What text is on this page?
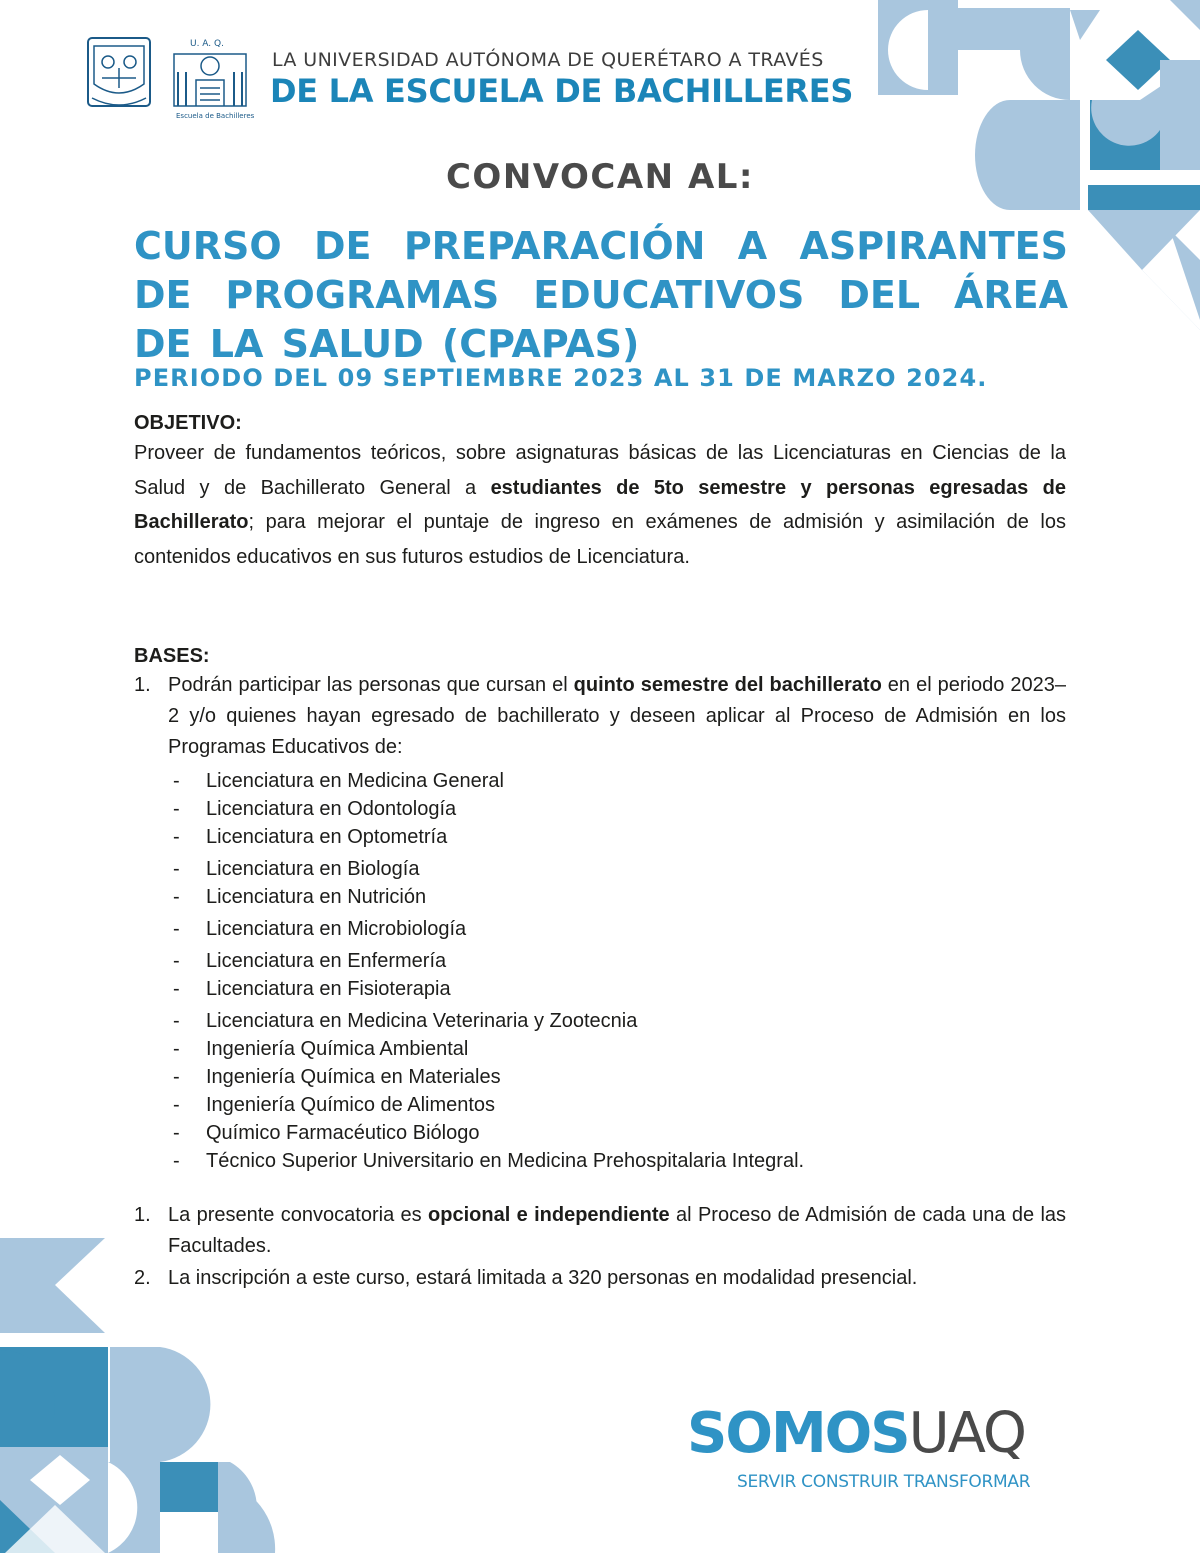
U. A. Q.
Escuela de Bachilleres
LA UNIVERSIDAD AUTÓNOMA DE QUERÉTARO A TRAVÉS
DE LA ESCUELA DE BACHILLERES
CONVOCAN AL:
CURSO DE PREPARACIÓN A ASPIRANTES DE PROGRAMAS EDUCATIVOS DEL ÁREA DE LA SALUD (CPAPAS)
PERIODO DEL 09 SEPTIEMBRE 2023 AL 31 DE MARZO 2024.
OBJETIVO:

Proveer de fundamentos teóricos, sobre asignaturas básicas de las Licenciaturas en Ciencias de la Salud y de Bachillerato General a estudiantes de 5to semestre y personas egresadas de Bachillerato; para mejorar el puntaje de ingreso en exámenes de admisión y asimilación de los contenidos educativos en sus futuros estudios de Licenciatura.

BASES:
1. Podrán participar las personas que cursan el quinto semestre del bachillerato en el periodo 2023–2 y/o quienes hayan egresado de bachillerato y deseen aplicar al Proceso de Admisión en los Programas Educativos de:
- Licenciatura en Medicina General
- Licenciatura en Odontología
- Licenciatura en Optometría
- Licenciatura en Biología
- Licenciatura en Nutrición
- Licenciatura en Microbiología
- Licenciatura en Enfermería
- Licenciatura en Fisioterapia
- Licenciatura en Medicina Veterinaria y Zootecnia
- Ingeniería Química Ambiental
- Ingeniería Química en Materiales
- Ingeniería Químico de Alimentos
- Químico Farmacéutico Biólogo
- Técnico Superior Universitario en Medicina Prehospitalaria Integral.
1. La presente convocatoria es opcional e independiente al Proceso de Admisión de cada una de las Facultades.
2. La inscripción a este curso, estará limitada a 320 personas en modalidad presencial.
SOMOSUAQ
SERVIR CONSTRUIR TRANSFORMAR
